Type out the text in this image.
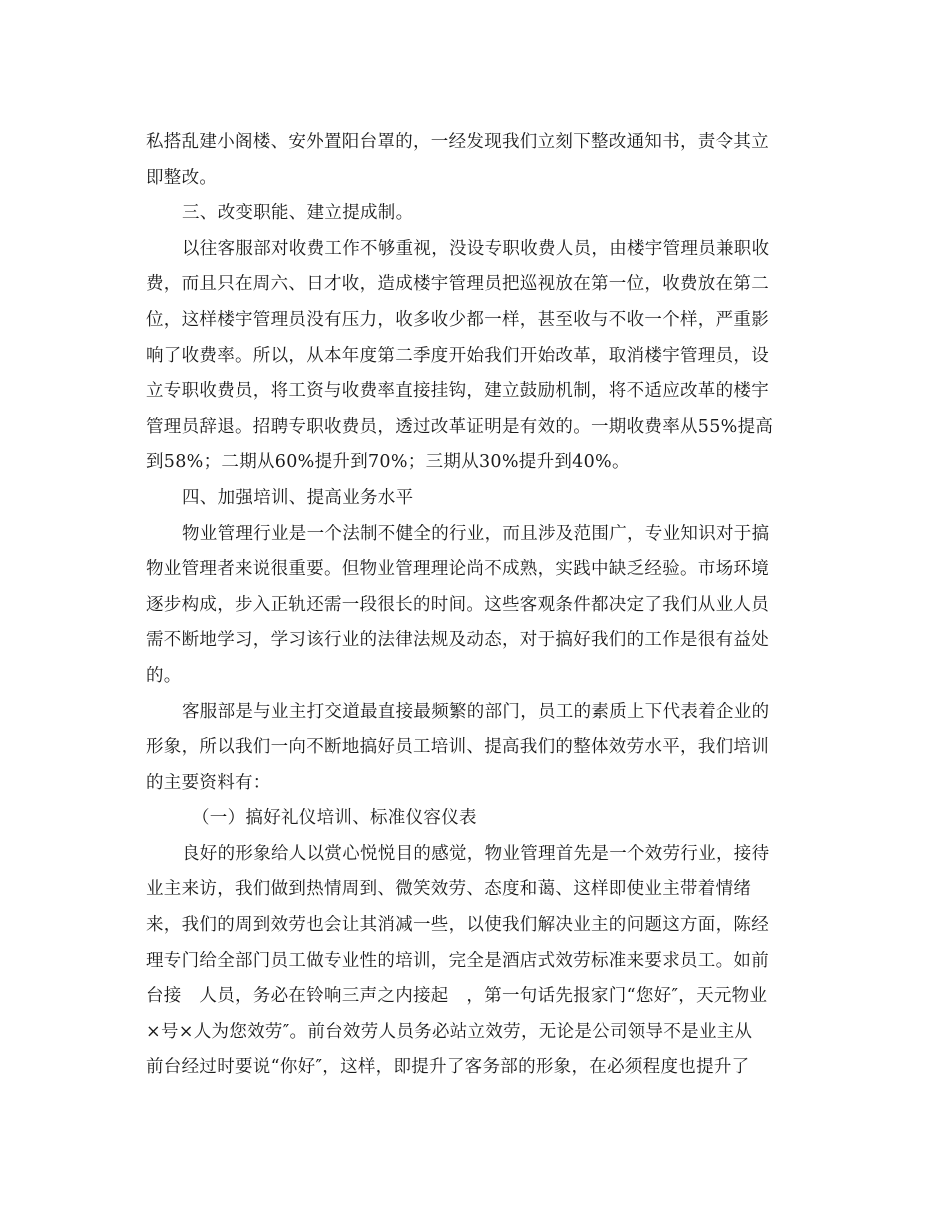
私搭乱建小阁楼、安外置阳台罩的，一经发现我们立刻下整改通知书，责令其立
即整改。
三、改变职能、建立提成制。
以往客服部对收费工作不够重视，没设专职收费人员，由楼宇管理员兼职收
费，而且只在周六、日才收，造成楼宇管理员把巡视放在第一位，收费放在第二
位，这样楼宇管理员没有压力，收多收少都一样，甚至收与不收一个样，严重影
响了收费率。所以，从本年度第二季度开始我们开始改革，取消楼宇管理员，设
立专职收费员，将工资与收费率直接挂钩，建立鼓励机制，将不适应改革的楼宇
管理员辞退。招聘专职收费员，透过改革证明是有效的。一期收费率从55%提高
到58%；二期从60%提升到70%；三期从30%提升到40%。
四、加强培训、提高业务水平
物业管理行业是一个法制不健全的行业，而且涉及范围广，专业知识对于搞
物业管理者来说很重要。但物业管理理论尚不成熟，实践中缺乏经验。市场环境
逐步构成，步入正轨还需一段很长的时间。这些客观条件都决定了我们从业人员
需不断地学习，学习该行业的法律法规及动态，对于搞好我们的工作是很有益处
的。
客服部是与业主打交道最直接最频繁的部门，员工的素质上下代表着企业的
形象，所以我们一向不断地搞好员工培训、提高我们的整体效劳水平，我们培训
的主要资料有：
（一）搞好礼仪培训、标准仪容仪表
良好的形象给人以赏心悦悦目的感觉，物业管理首先是一个效劳行业，接待
业主来访，我们做到热情周到、微笑效劳、态度和蔼、这样即使业主带着情绪
来，我们的周到效劳也会让其消减一些，以使我们解决业主的问题这方面，陈经
理专门给全部门员工做专业性的培训，完全是酒店式效劳标准来要求员工。如前
台接　人员，务必在铃响三声之内接起　，第一句话先报家门“您好″，天元物业
×号×人为您效劳″。前台效劳人员务必站立效劳，无论是公司领导不是业主从
前台经过时要说“你好″，这样，即提升了客务部的形象，在必须程度也提升了
